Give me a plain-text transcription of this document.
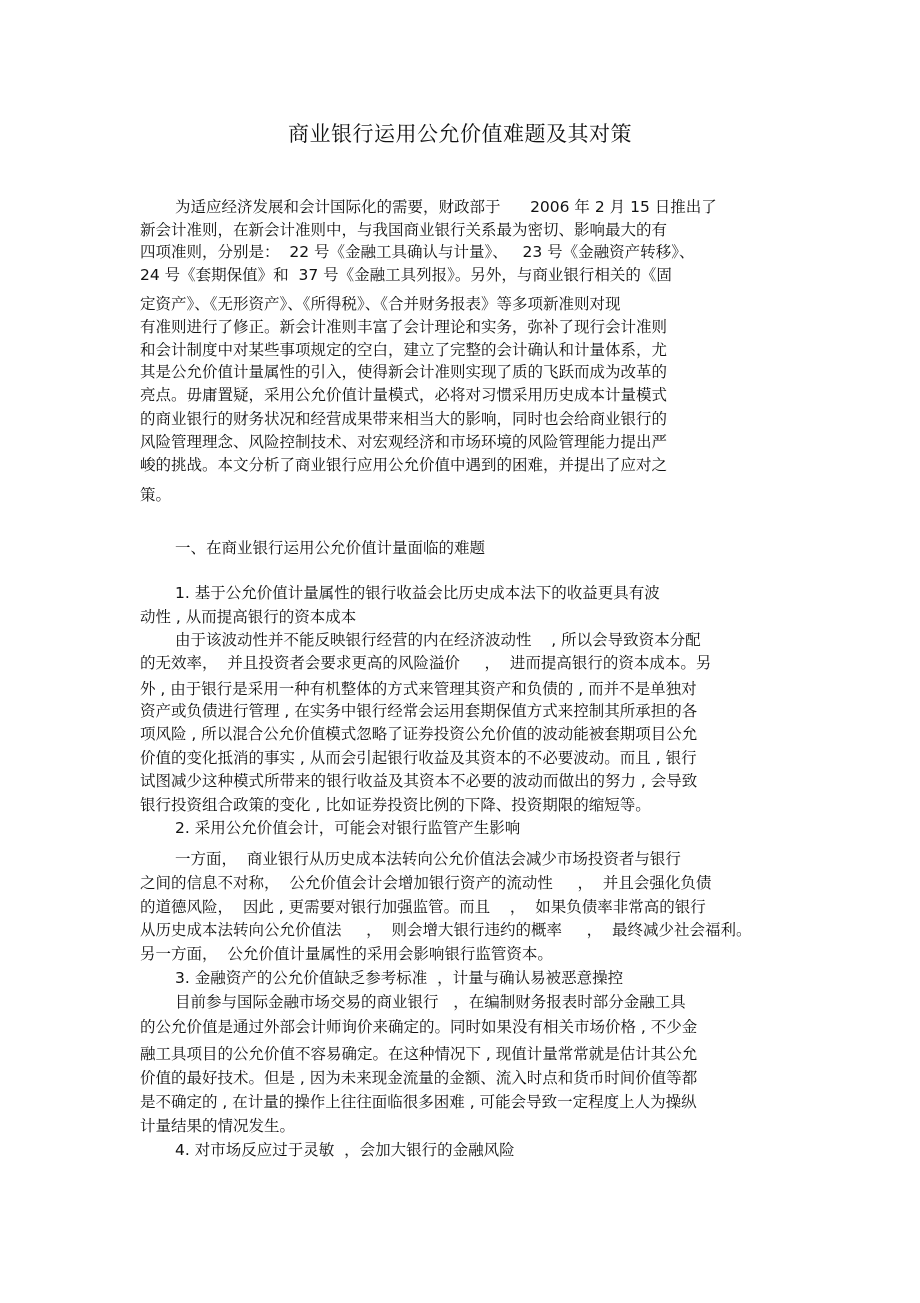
商业银行运用公允价值难题及其对策
为适应经济发展和会计国际化的需要，财政部于      2006 年 2 月 15 日推出了
新会计准则，在新会计准则中，与我国商业银行关系最为密切、影响最大的有
四项准则，分别是：  22 号《金融工具确认与计量》、   23 号《金融资产转移》、
24 号《套期保值》和  37 号《金融工具列报》。另外，与商业银行相关的《固
定资产》、《无形资产》、《所得税》、《合并财务报表》等多项新准则对现
有准则进行了修正。新会计准则丰富了会计理论和实务，弥补了现行会计准则
和会计制度中对某些事项规定的空白，建立了完整的会计确认和计量体系，尤
其是公允价值计量属性的引入，使得新会计准则实现了质的飞跃而成为改革的
亮点。毋庸置疑，采用公允价值计量模式，必将对习惯采用历史成本计量模式
的商业银行的财务状况和经营成果带来相当大的影响，同时也会给商业银行的
风险管理理念、风险控制技术、对宏观经济和市场环境的风险管理能力提出严
峻的挑战。本文分析了商业银行应用公允价值中遇到的困难，并提出了应对之
策。
一、在商业银行运用公允价值计量面临的难题
1. 基于公允价值计量属性的银行收益会比历史成本法下的收益更具有波
动性 , 从而提高银行的资本成本
由于该波动性并不能反映银行经营的内在经济波动性    , 所以会导致资本分配
的无效率，  并且投资者会要求更高的风险溢价     ，  进而提高银行的资本成本。另
外 , 由于银行是采用一种有机整体的方式来管理其资产和负债的 , 而并不是单独对
资产或负债进行管理 , 在实务中银行经常会运用套期保值方式来控制其所承担的各
项风险 , 所以混合公允价值模式忽略了证券投资公允价值的波动能被套期项目公允
价值的变化抵消的事实 , 从而会引起银行收益及其资本的不必要波动。而且 , 银行
试图减少这种模式所带来的银行收益及其资本不必要的波动而做出的努力 , 会导致
银行投资组合政策的变化 , 比如证券投资比例的下降、投资期限的缩短等。
2. 采用公允价值会计，可能会对银行监管产生影响
一方面，  商业银行从历史成本法转向公允价值法会减少市场投资者与银行
之间的信息不对称，  公允价值会计会增加银行资产的流动性     ，  并且会强化负债
的道德风险，  因此 , 更需要对银行加强监管。而且    ，  如果负债率非常高的银行
从历史成本法转向公允价值法     ，  则会增大银行违约的概率     ，  最终减少社会福利。
另一方面，  公允价值计量属性的采用会影响银行监管资本。
3. 金融资产的公允价值缺乏参考标准  ，计量与确认易被恶意操控
目前参与国际金融市场交易的商业银行   ，在编制财务报表时部分金融工具
的公允价值是通过外部会计师询价来确定的。同时如果没有相关市场价格 , 不少金
融工具项目的公允价值不容易确定。在这种情况下 , 现值计量常常就是估计其公允
价值的最好技术。但是 , 因为未来现金流量的金额、流入时点和货币时间价值等都
是不确定的 , 在计量的操作上往往面临很多困难 , 可能会导致一定程度上人为操纵
计量结果的情况发生。
4. 对市场反应过于灵敏  ，会加大银行的金融风险
